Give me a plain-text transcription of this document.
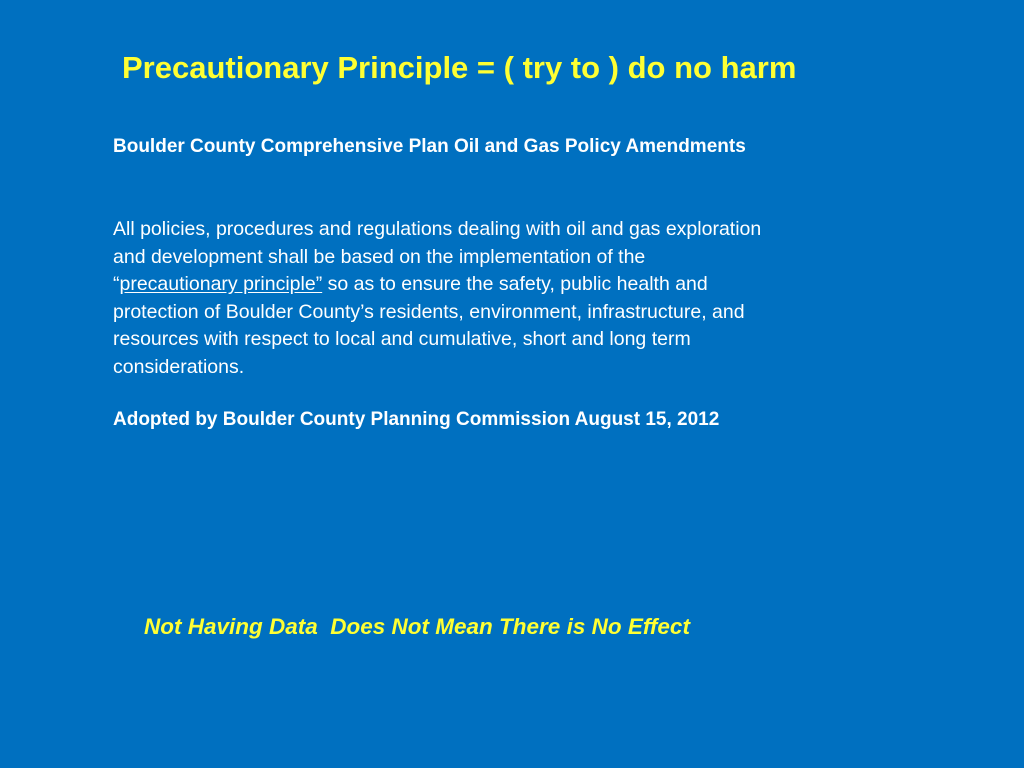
Precautionary Principle = ( try to ) do no harm
Boulder County Comprehensive Plan Oil and Gas Policy Amendments

All policies, procedures and regulations dealing with oil and gas exploration
and development shall be based on the implementation of the
“precautionary principle” so as to ensure the safety, public health and
protection of Boulder County’s residents, environment, infrastructure, and
resources with respect to local and cumulative, short and long term
considerations.

Adopted by Boulder County Planning Commission August 15, 2012

Not Having Data  Does Not Mean There is No Effect
